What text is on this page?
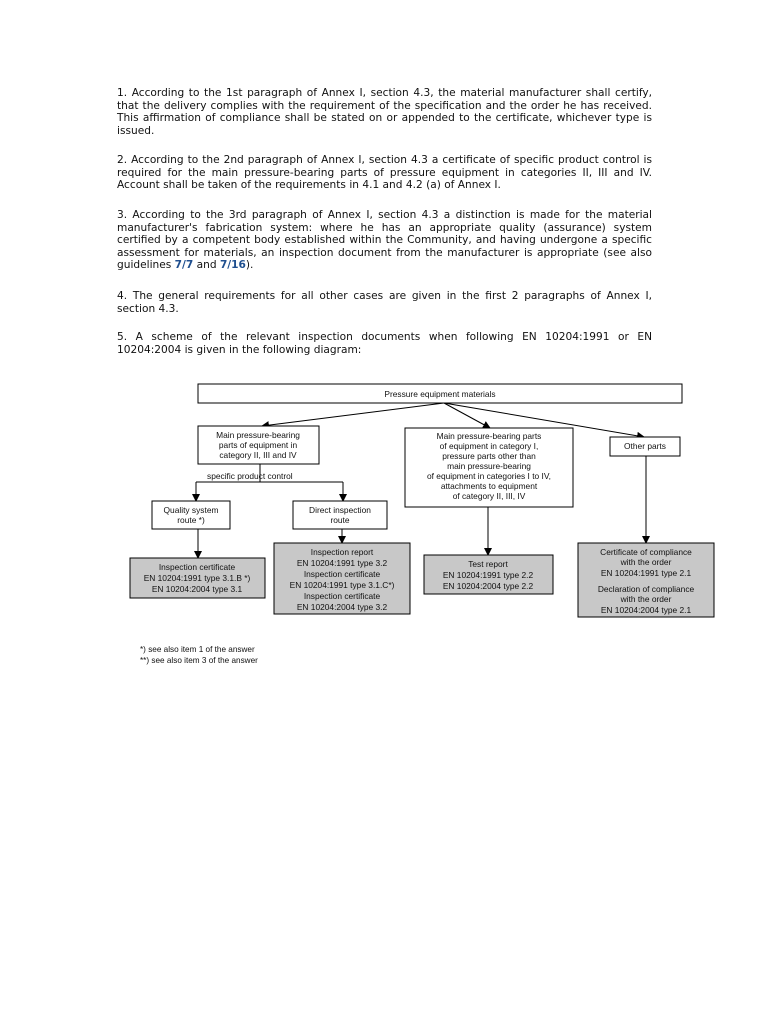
1. According to the 1st paragraph of Annex I, section 4.3, the material manufacturer shall certify, that the delivery complies with the requirement of the specification and the order he has received. This affirmation of compliance shall be stated on or appended to the certificate, whichever type is issued.

2. According to the 2nd paragraph of Annex I, section 4.3 a certificate of specific product control is required for the main pressure-bearing parts of pressure equipment in categories II, III and IV. Account shall be taken of the requirements in 4.1 and 4.2 (a) of Annex I.

3. According to the 3rd paragraph of Annex I, section 4.3 a distinction is made for the material manufacturer's fabrication system: where he has an appropriate quality (assurance) system certified by a competent body established within the Community, and having undergone a specific assessment for materials, an inspection document from the manufacturer is appropriate (see also guidelines 7/7 and 7/16).

4. The general requirements for all other cases are given in the first 2 paragraphs of Annex I, section 4.3.

5. A scheme of the relevant inspection documents when following EN 10204:1991 or EN 10204:2004 is given in the following diagram:

Pressure equipment materials
Main pressure-bearing
parts of equipment in
category II, III and IV
specific product control
Main pressure-bearing parts
of equipment in category I,
pressure parts other than
main pressure-bearing
of equipment in categories I to IV,
attachments to equipment
of category II, III, IV
Other parts
Quality system
route *)
Direct inspection
route
Inspection certificate
EN 10204:1991 type 3.1.B *)
EN 10204:2004 type 3.1
Inspection report
EN 10204:1991 type 3.2
Inspection certificate
EN 10204:1991 type 3.1.C*)
Inspection certificate
EN 10204:2004 type 3.2
Test report
EN 10204:1991 type 2.2
EN 10204:2004 type 2.2
Certificate of compliance
with the order
EN 10204:1991 type 2.1
Declaration of compliance
with the order
EN 10204:2004 type 2.1

*) see also item 1 of the answer

**) see also item 3 of the answer
